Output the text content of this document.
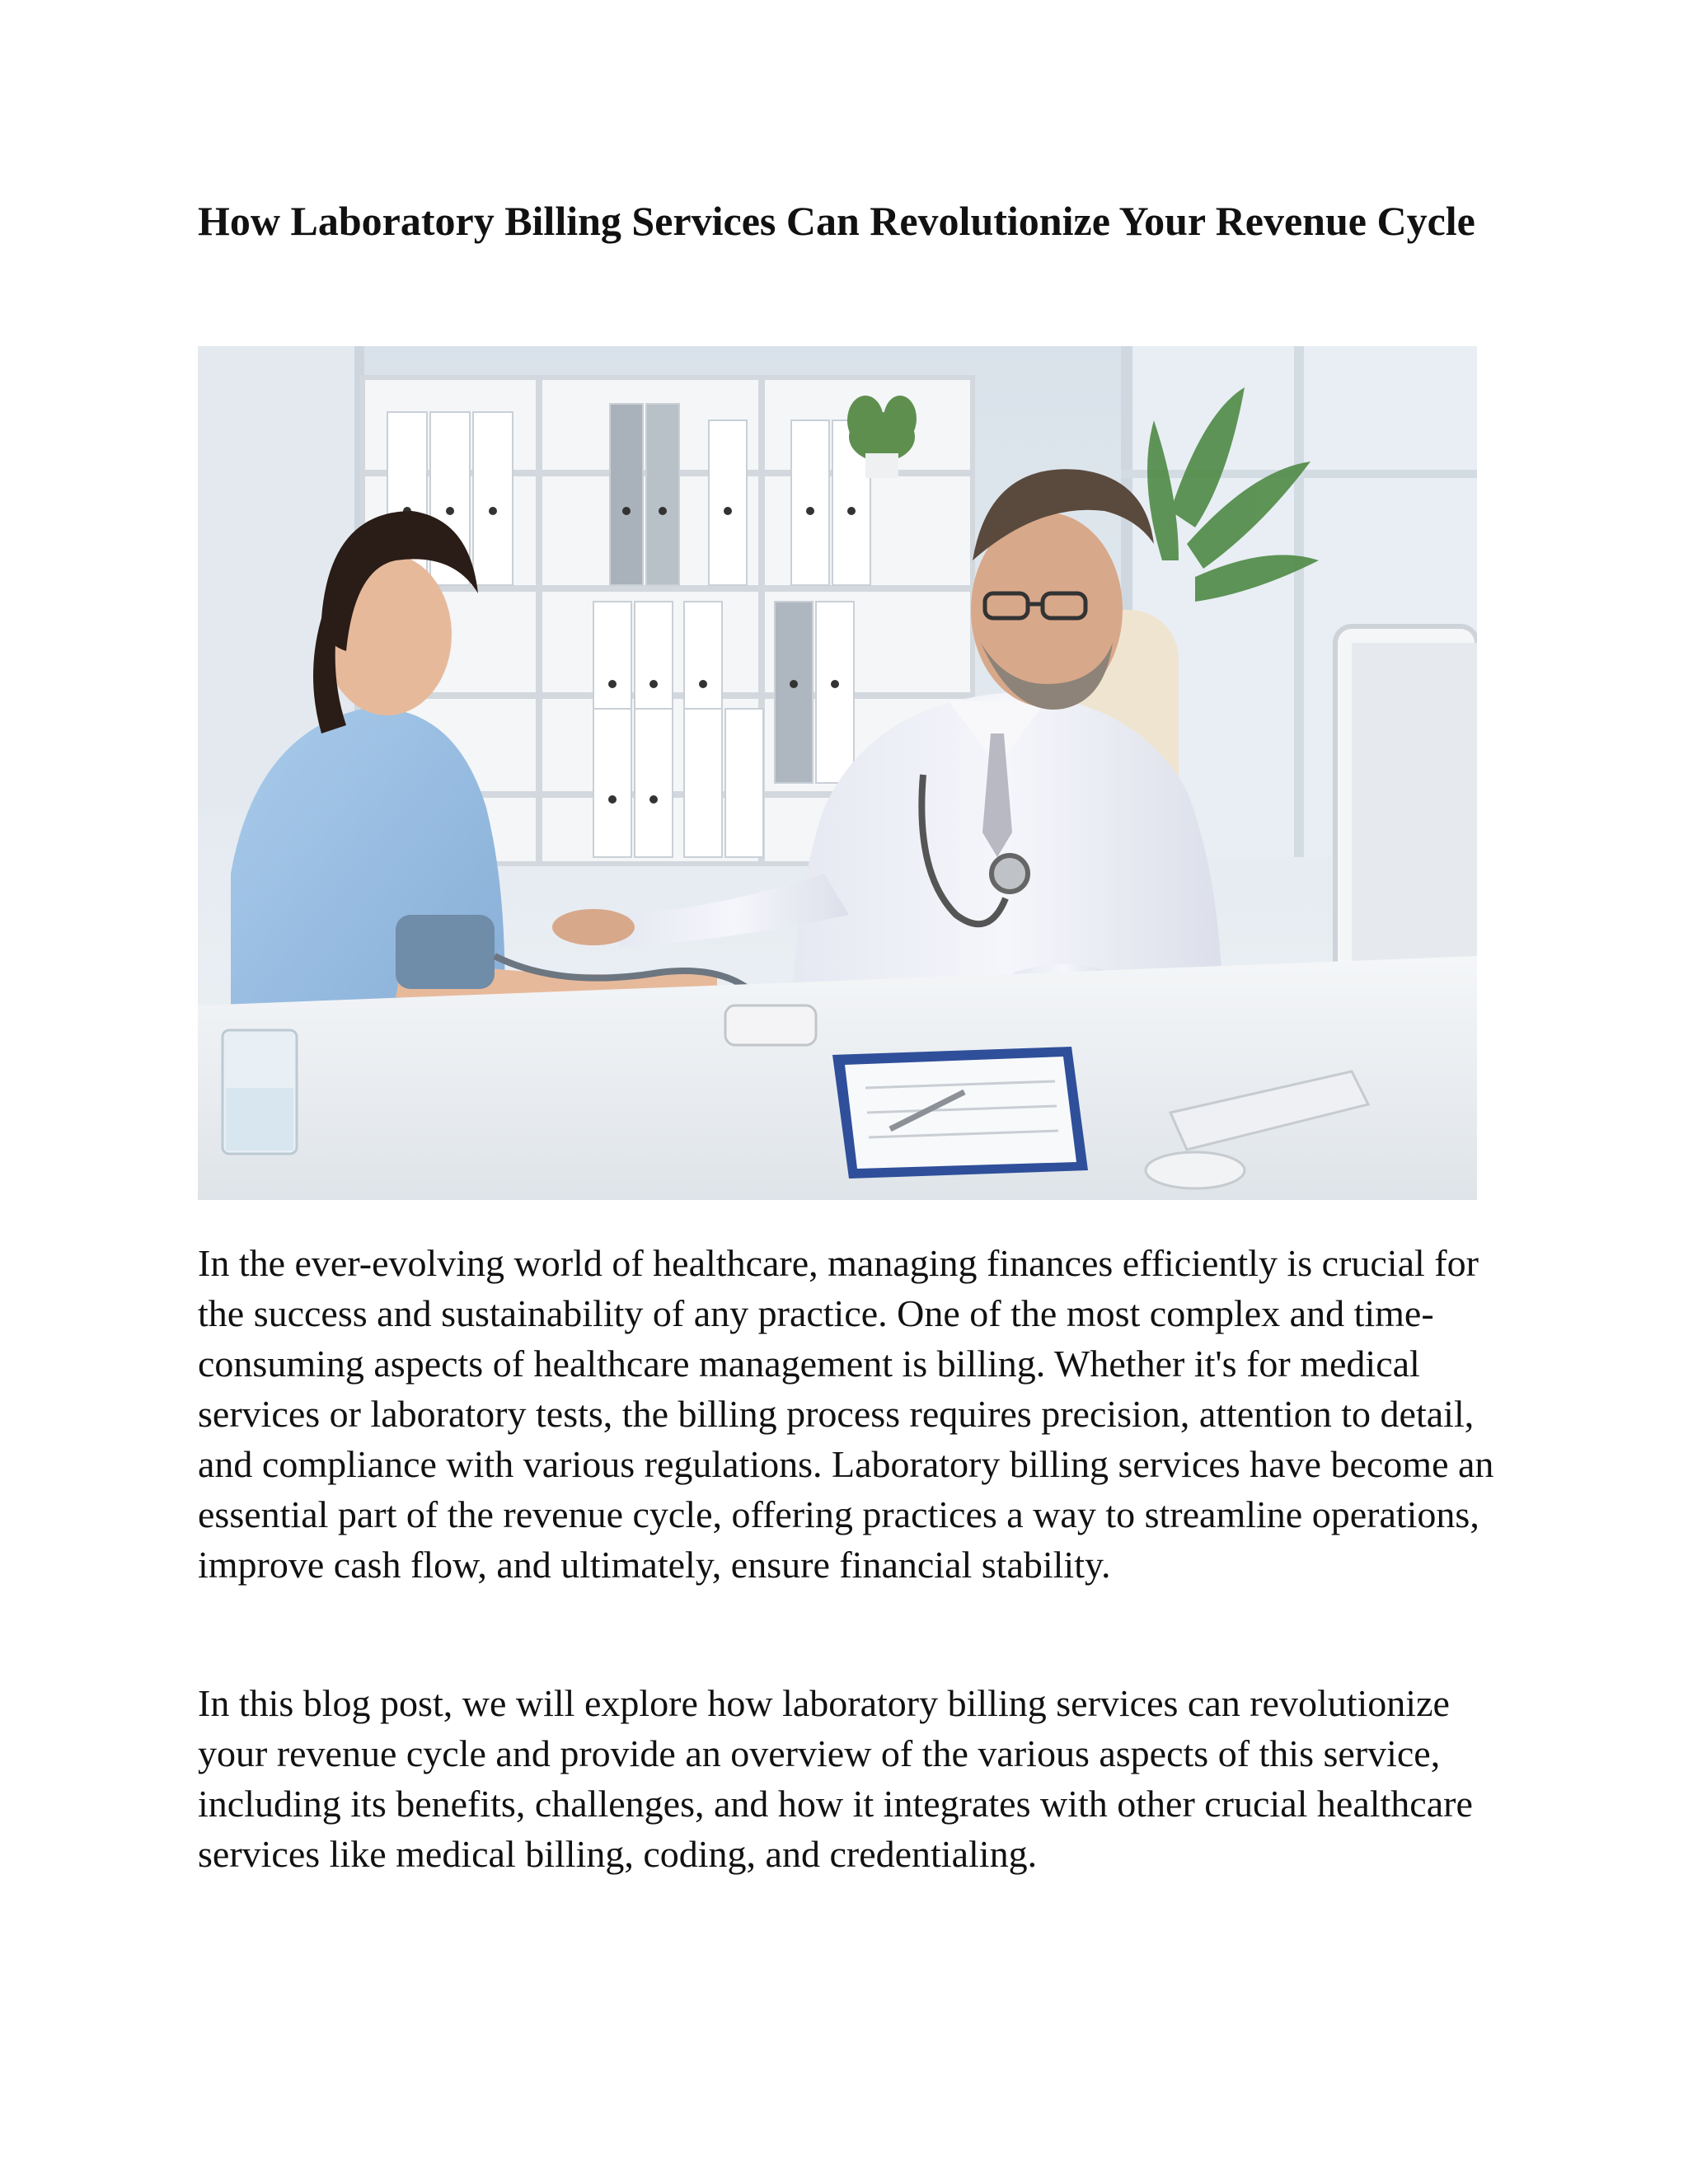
How Laboratory Billing Services Can Revolutionize Your Revenue Cycle

In the ever-evolving world of healthcare, managing finances efficiently is crucial for the success and sustainability of any practice. One of the most complex and time-consuming aspects of healthcare management is billing. Whether it's for medical services or laboratory tests, the billing process requires precision, attention to detail, and compliance with various regulations. Laboratory billing services have become an essential part of the revenue cycle, offering practices a way to streamline operations, improve cash flow, and ultimately, ensure financial stability.

In this blog post, we will explore how laboratory billing services can revolutionize your revenue cycle and provide an overview of the various aspects of this service, including its benefits, challenges, and how it integrates with other crucial healthcare services like medical billing, coding, and credentialing.
